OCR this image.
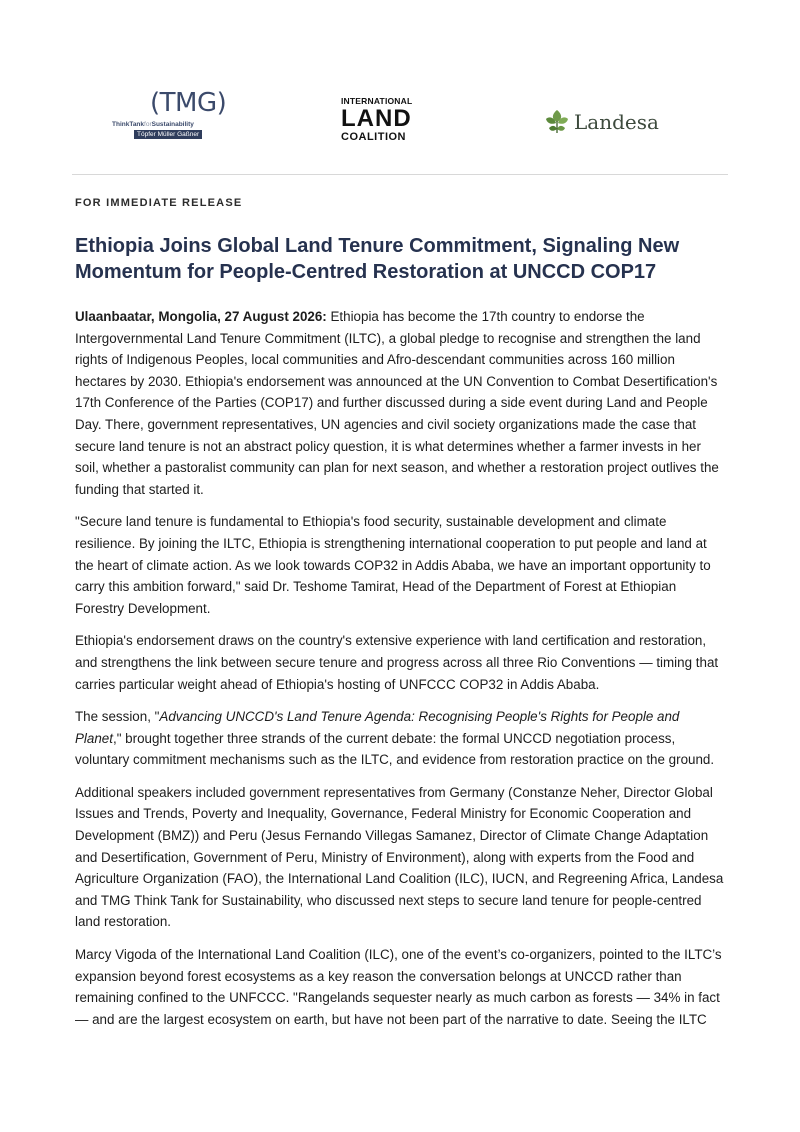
(TMG)
ThinkTankforSustainability
Töpfer Müller Gaßner
INTERNATIONAL
LAND
COALITION
Landesa
FOR IMMEDIATE RELEASE
Ethiopia Joins Global Land Tenure Commitment, Signaling New Momentum for People-Centred Restoration at UNCCD COP17

Ulaanbaatar, Mongolia, 27 August 2026: Ethiopia has become the 17th country to endorse the Intergovernmental Land Tenure Commitment (ILTC), a global pledge to recognise and strengthen the land rights of Indigenous Peoples, local communities and Afro-descendant communities across 160 million hectares by 2030. Ethiopia's endorsement was announced at the UN Convention to Combat Desertification's 17th Conference of the Parties (COP17) and further discussed during a side event during Land and People Day. There, government representatives, UN agencies and civil society organizations made the case that secure land tenure is not an abstract policy question, it is what determines whether a farmer invests in her soil, whether a pastoralist community can plan for next season, and whether a restoration project outlives the funding that started it.

"Secure land tenure is fundamental to Ethiopia's food security, sustainable development and climate resilience. By joining the ILTC, Ethiopia is strengthening international cooperation to put people and land at the heart of climate action. As we look towards COP32 in Addis Ababa, we have an important opportunity to carry this ambition forward," said Dr. Teshome Tamirat, Head of the Department of Forest at Ethiopian Forestry Development.

Ethiopia's endorsement draws on the country's extensive experience with land certification and restoration, and strengthens the link between secure tenure and progress across all three Rio Conventions — timing that carries particular weight ahead of Ethiopia's hosting of UNFCCC COP32 in Addis Ababa.

The session, "Advancing UNCCD's Land Tenure Agenda: Recognising People's Rights for People and Planet," brought together three strands of the current debate: the formal UNCCD negotiation process, voluntary commitment mechanisms such as the ILTC, and evidence from restoration practice on the ground.

Additional speakers included government representatives from Germany (Constanze Neher, Director Global Issues and Trends, Poverty and Inequality, Governance, Federal Ministry for Economic Cooperation and Development (BMZ)) and Peru (Jesus Fernando Villegas Samanez, Director of Climate Change Adaptation and Desertification, Government of Peru, Ministry of Environment), along with experts from the Food and Agriculture Organization (FAO), the International Land Coalition (ILC), IUCN, and Regreening Africa, Landesa and TMG Think Tank for Sustainability, who discussed next steps to secure land tenure for people-centred land restoration.

Marcy Vigoda of the International Land Coalition (ILC), one of the event’s co-organizers, pointed to the ILTC’s expansion beyond forest ecosystems as a key reason the conversation belongs at UNCCD rather than remaining confined to the UNFCCC. "Rangelands sequester nearly as much carbon as forests — 34% in fact — and are the largest ecosystem on earth, but have not been part of the narrative to date. Seeing the ILTC
